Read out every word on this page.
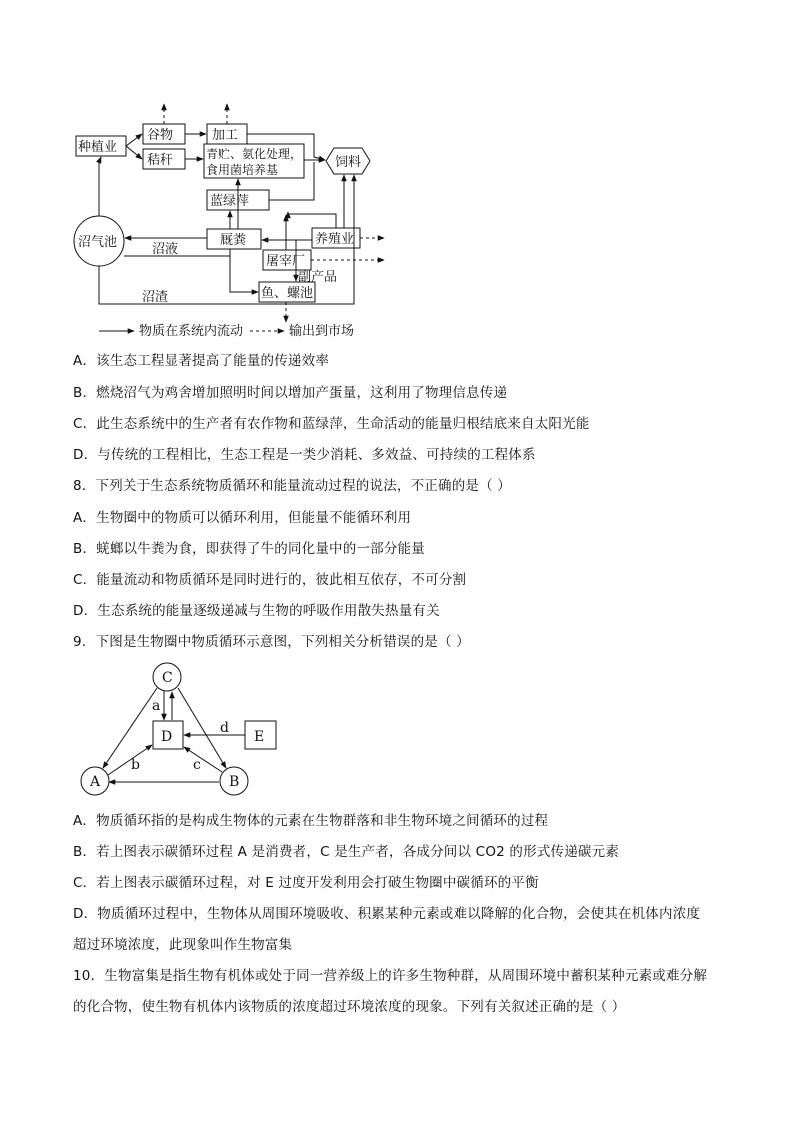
种植业
谷物
秸秆
加工
青贮、氨化处理，
食用菌培养基	饲料
蓝绿萍
沼气池	厩粪	养殖业
屠宰厂
鱼、螺池
沼液
副产品
沼渣
物质在系统内流动	输出到市场
A．该生态工程显著提高了能量的传递效率
B．燃烧沼气为鸡舍增加照明时间以增加产蛋量，这利用了物理信息传递
C．此生态系统中的生产者有农作物和蓝绿萍，生命活动的能量归根结底来自太阳光能
D．与传统的工程相比，生态工程是一类少消耗、多效益、可持续的工程体系
8．下列关于生态系统物质循环和能量流动过程的说法，不正确的是（ ）
A．生物圈中的物质可以循环利用，但能量不能循环利用
B．蜣螂以牛粪为食，即获得了牛的同化量中的一部分能量
C．能量流动和物质循环是同时进行的，彼此相互依存，不可分割
D．生态系统的能量逐级递减与生物的呼吸作用散失热量有关
9．下图是生物圈中物质循环示意图，下列相关分析错误的是（ ）
C
D	E
A	B
a
b	c
d
A．物质循环指的是构成生物体的元素在生物群落和非生物环境之间循环的过程
B．若上图表示碳循环过程 A 是消费者，C 是生产者，各成分间以 CO2 的形式传递碳元素
C．若上图表示碳循环过程，对 E 过度开发利用会打破生物圈中碳循环的平衡
D．物质循环过程中，生物体从周围环境吸收、积累某种元素或难以降解的化合物，会使其在机体内浓度
超过环境浓度，此现象叫作生物富集
10．生物富集是指生物有机体或处于同一营养级上的许多生物种群，从周围环境中蓄积某种元素或难分解
的化合物，使生物有机体内该物质的浓度超过环境浓度的现象。下列有关叙述正确的是（ ）
